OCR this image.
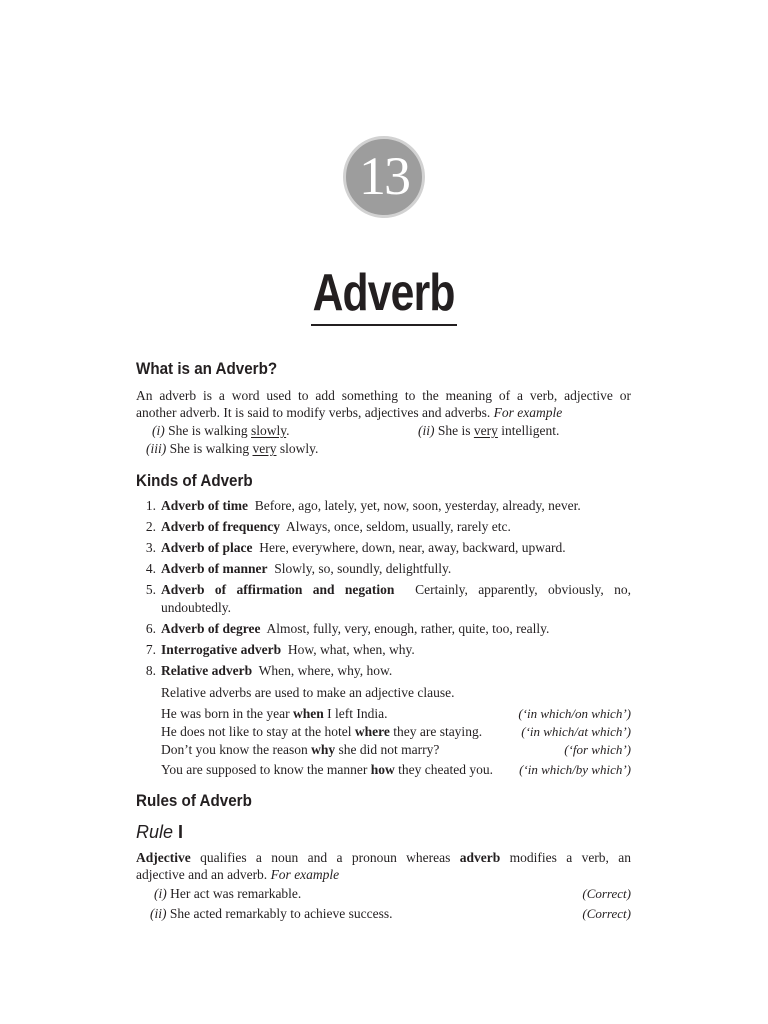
13
Adverb
What is an Adverb?
An adverb is a word used to add something to the meaning of a verb, adjective or
another adverb. It is said to modify verbs, adjectives and adverbs. For example
(i) She is walking slowly.	(ii) She is very intelligent.
(iii) She is walking very slowly.
Kinds of Adverb
1. Adverb of time Before, ago, lately, yet, now, soon, yesterday, already, never.
2. Adverb of frequency Always, once, seldom, usually, rarely etc.
3. Adverb of place Here, everywhere, down, near, away, backward, upward.
4. Adverb of manner Slowly, so, soundly, delightfully.
5. Adverb of affirmation and negation Certainly, apparently, obviously, no, undoubtedly.
6. Adverb of degree Almost, fully, very, enough, rather, quite, too, really.
7. Interrogative adverb How, what, when, why.
8. Relative adverb When, where, why, how.
Relative adverbs are used to make an adjective clause.
He was born in the year when I left India.	(‘in which/on which’)
He does not like to stay at the hotel where they are staying.	(‘in which/at which’)
Don’t you know the reason why she did not marry?	(‘for which’)
You are supposed to know the manner how they cheated you. (‘in which/by which’)
Rules of Adverb
Rule I
Adjective qualifies a noun and a pronoun whereas adverb modifies a verb, an
adjective and an adverb. For example
(i) Her act was remarkable.	(Correct)
(ii) She acted remarkably to achieve success.	(Correct)
